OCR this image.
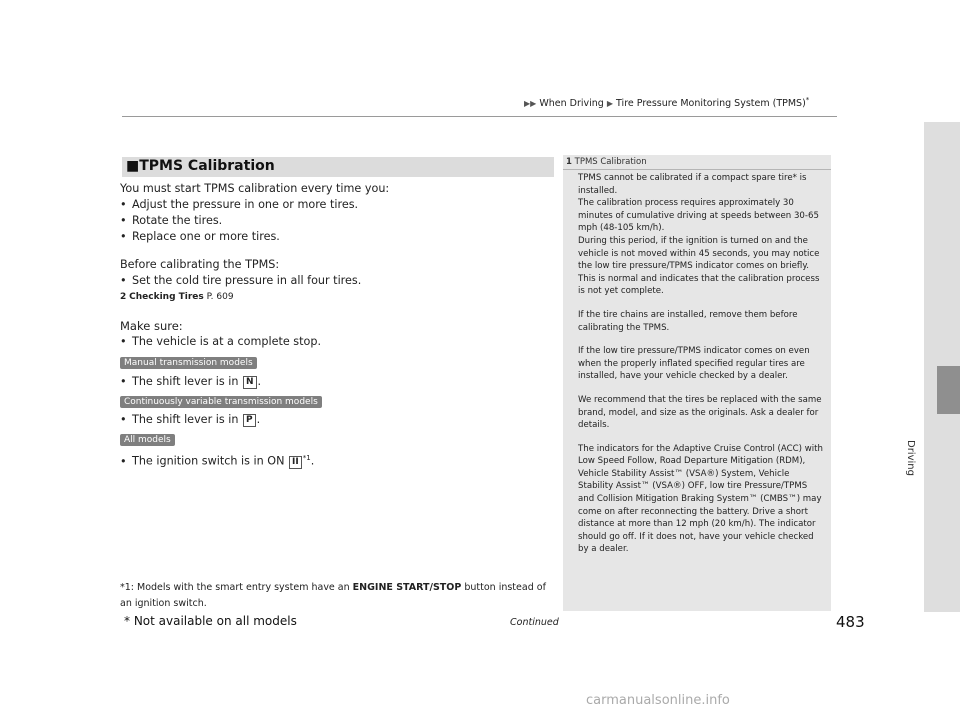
▶▶ When Driving ▶ Tire Pressure Monitoring System (TPMS)*
Driving
■TPMS Calibration

You must start TPMS calibration every time you:

• Adjust the pressure in one or more tires.

• Rotate the tires.

• Replace one or more tires.

Before calibrating the TPMS:

• Set the cold tire pressure in all four tires.

2 Checking Tires P. 609

Make sure:

• The vehicle is at a complete stop.

Manual transmission models

• The shift lever is in N .

Continuously variable transmission models

• The shift lever is in P .

All models

• The ignition switch is in ON II $^{*1}$.

*1: Models with the smart entry system have an ENGINE START/STOP button instead of an ignition switch.
1 TPMS Calibration

TPMS cannot be calibrated if a compact spare tire* is installed.

The calibration process requires approximately 30 minutes of cumulative driving at speeds between 30-65 mph (48-105 km/h).

During this period, if the ignition is turned on and the vehicle is not moved within 45 seconds, you may notice the low tire pressure/TPMS indicator comes on briefly. This is normal and indicates that the calibration process is not yet complete.

If the tire chains are installed, remove them before calibrating the TPMS.

If the low tire pressure/TPMS indicator comes on even when the properly inflated specified regular tires are installed, have your vehicle checked by a dealer.

We recommend that the tires be replaced with the same brand, model, and size as the originals. Ask a dealer for details.

The indicators for the Adaptive Cruise Control (ACC) with Low Speed Follow, Road Departure Mitigation (RDM), Vehicle Stability Assist™ (VSA®) System, Vehicle Stability Assist™ (VSA®) OFF, low tire Pressure/TPMS and Collision Mitigation Braking System™ (CMBS™) may come on after reconnecting the battery. Drive a short distance at more than 12 mph (20 km/h). The indicator should go off. If it does not, have your vehicle checked by a dealer.

* Not available on all models	Continued	483
carmanualsonline.info
